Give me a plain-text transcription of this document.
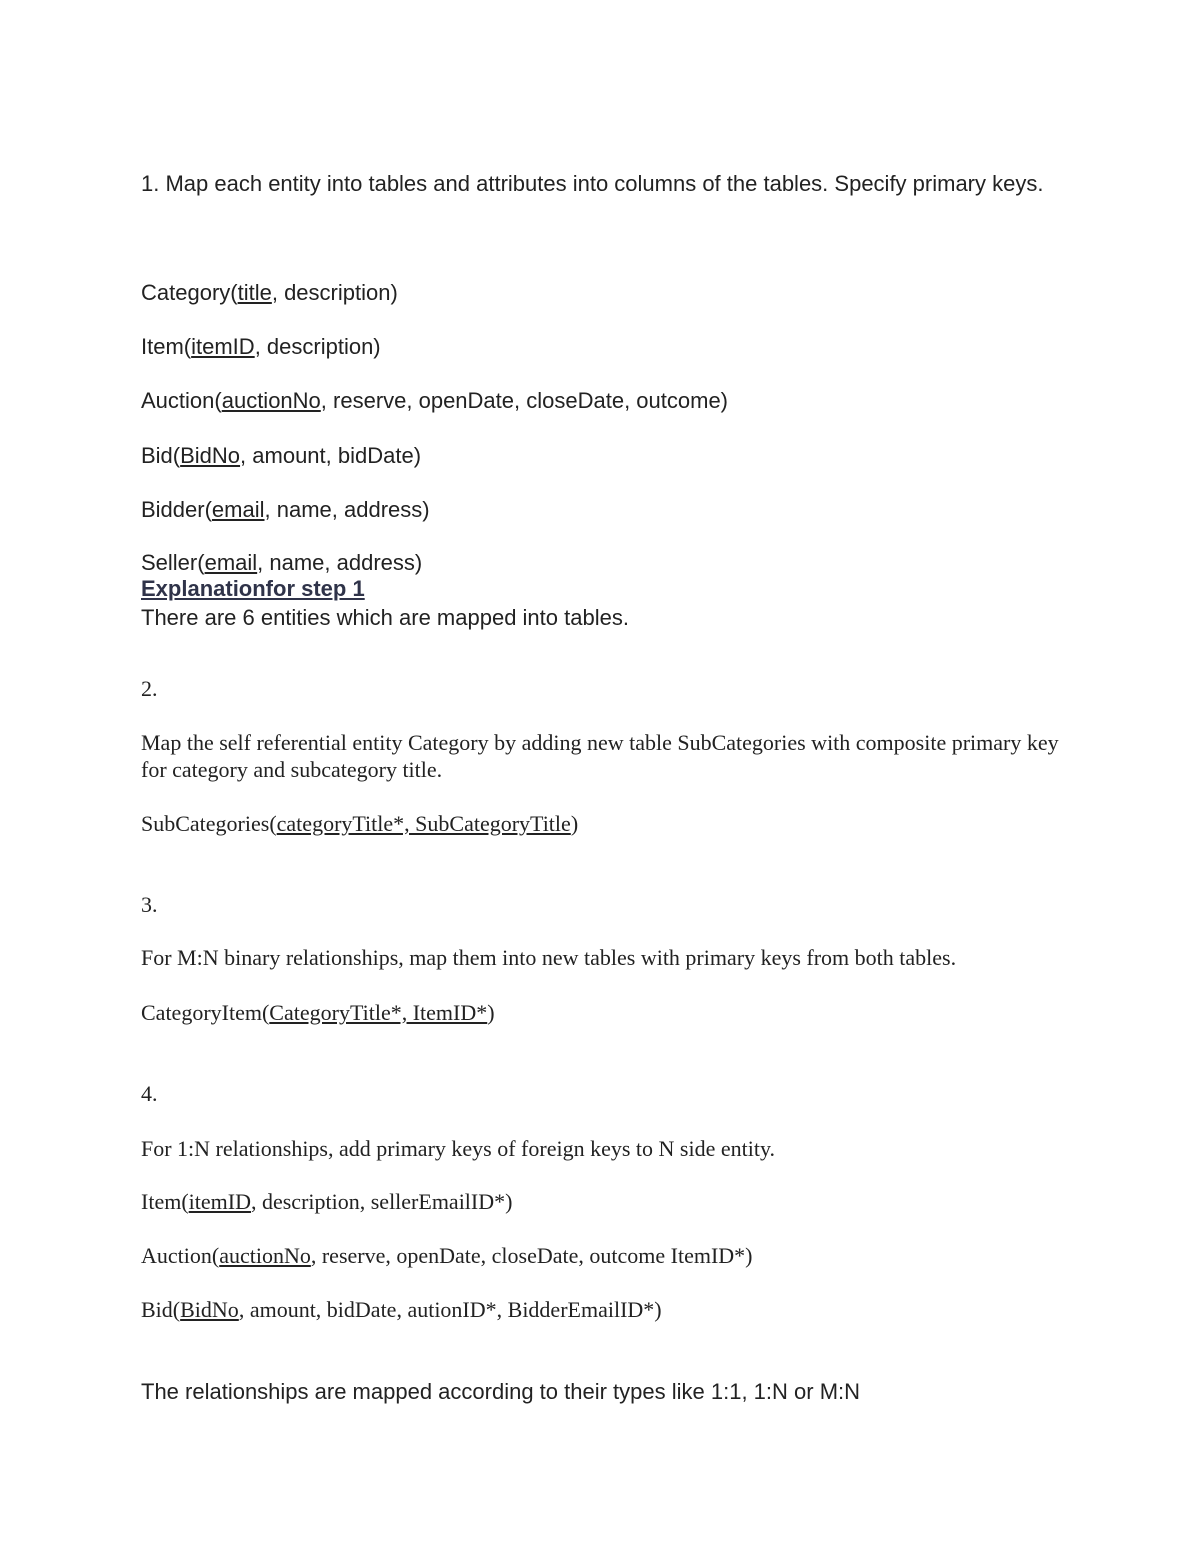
1. Map each entity into tables and attributes into columns of the tables. Specify primary keys.
Category(title, description)
Item(itemID, description)
Auction(auctionNo, reserve, openDate, closeDate, outcome)
Bid(BidNo, amount, bidDate)
Bidder(email, name, address)
Seller(email, name, address)
Explanationfor step 1
There are 6 entities which are mapped into tables.
2.
Map the self referential entity Category by adding new table SubCategories with composite primary key for category and subcategory title.
SubCategories(categoryTitle*, SubCategoryTitle)
3.
For M:N binary relationships, map them into new tables with primary keys from both tables.
CategoryItem(CategoryTitle*, ItemID*)
4.
For 1:N relationships, add primary keys of foreign keys to N side entity.
Item(itemID, description, sellerEmailID*)
Auction(auctionNo, reserve, openDate, closeDate, outcome ItemID*)
Bid(BidNo, amount, bidDate, autionID*, BidderEmailID*)
The relationships are mapped according to their types like 1:1, 1:N or M:N
